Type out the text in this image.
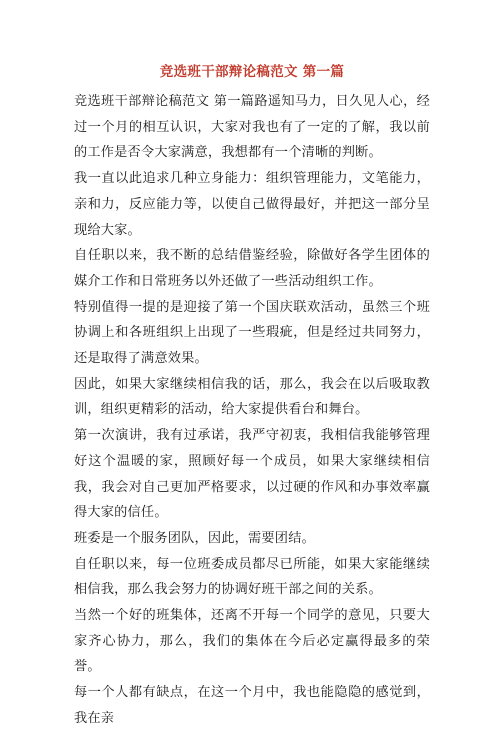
竞选班干部辩论稿范文 第一篇

竞选班干部辩论稿范文 第一篇路遥知马力，日久见人心，经过一个月的相互认识，大家对我也有了一定的了解，我以前的工作是否令大家满意，我想都有一个清晰的判断。

我一直以此追求几种立身能力：组织管理能力，文笔能力，亲和力，反应能力等，以使自己做得最好，并把这一部分呈现给大家。

自任职以来，我不断的总结借鉴经验，除做好各学生团体的媒介工作和日常班务以外还做了一些活动组织工作。

特别值得一提的是迎接了第一个国庆联欢活动，虽然三个班协调上和各班组织上出现了一些瑕疵，但是经过共同努力，还是取得了满意效果。

因此，如果大家继续相信我的话，那么，我会在以后吸取教训，组织更精彩的活动，给大家提供看台和舞台。

第一次演讲，我有过承诺，我严守初衷，我相信我能够管理好这个温暖的家，照顾好每一个成员，如果大家继续相信我，我会对自己更加严格要求，以过硬的作风和办事效率赢得大家的信任。

班委是一个服务团队，因此，需要团结。

自任职以来，每一位班委成员都尽已所能，如果大家能继续相信我，那么我会努力的协调好班干部之间的关系。

当然一个好的班集体，还离不开每一个同学的意见，只要大家齐心协力，那么，我们的集体在今后必定赢得最多的荣誉。

每一个人都有缺点，在这一个月中，我也能隐隐的感觉到，我在亲
